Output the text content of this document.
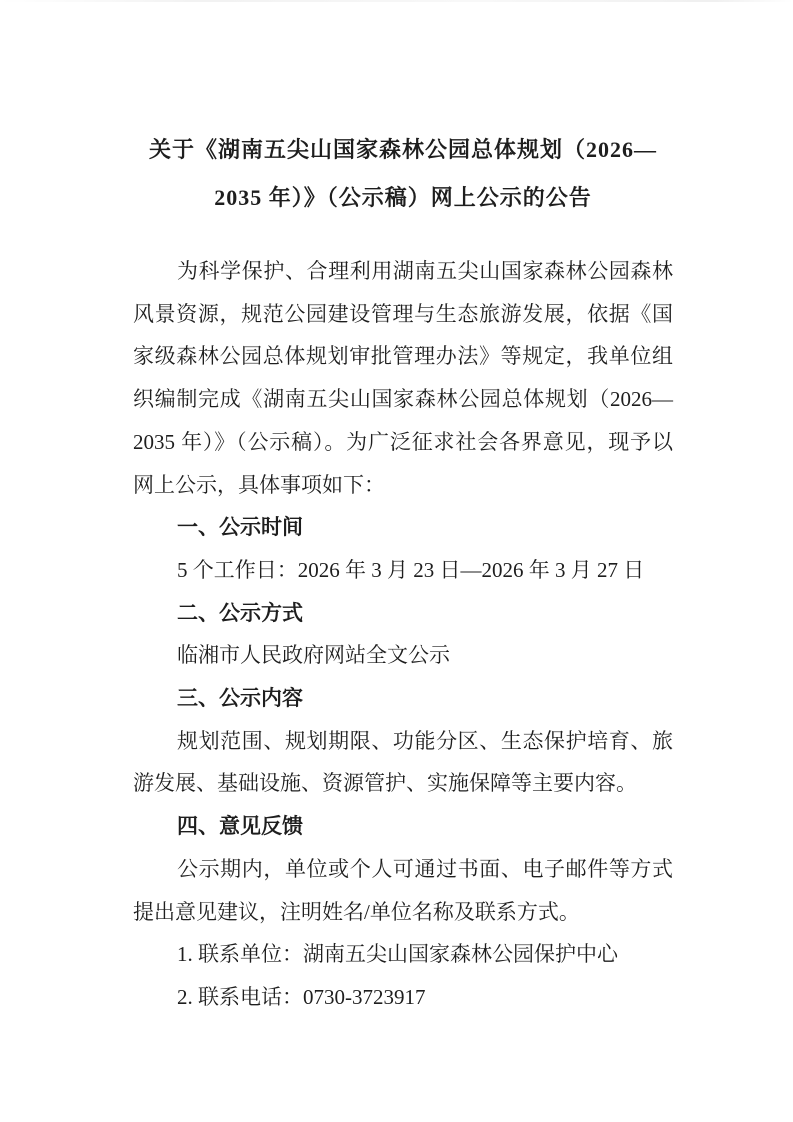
关于《湖南五尖山国家森林公园总体规划（2026—
2035 年）》（公示稿）网上公示的公告

为科学保护、合理利用湖南五尖山国家森林公园森林风景资源，规范公园建设管理与生态旅游发展，依据《国家级森林公园总体规划审批管理办法》等规定，我单位组织编制完成《湖南五尖山国家森林公园总体规划（2026—2035 年）》（公示稿）。为广泛征求社会各界意见，现予以网上公示，具体事项如下：

一、公示时间

5 个工作日：2026 年 3 月 23 日—2026 年 3 月 27 日

二、公示方式

临湘市人民政府网站全文公示

三、公示内容

规划范围、规划期限、功能分区、生态保护培育、旅游发展、基础设施、资源管护、实施保障等主要内容。

四、意见反馈

公示期内，单位或个人可通过书面、电子邮件等方式提出意见建议，注明姓名/单位名称及联系方式。

1. 联系单位：湖南五尖山国家森林公园保护中心

2. 联系电话：0730-3723917
